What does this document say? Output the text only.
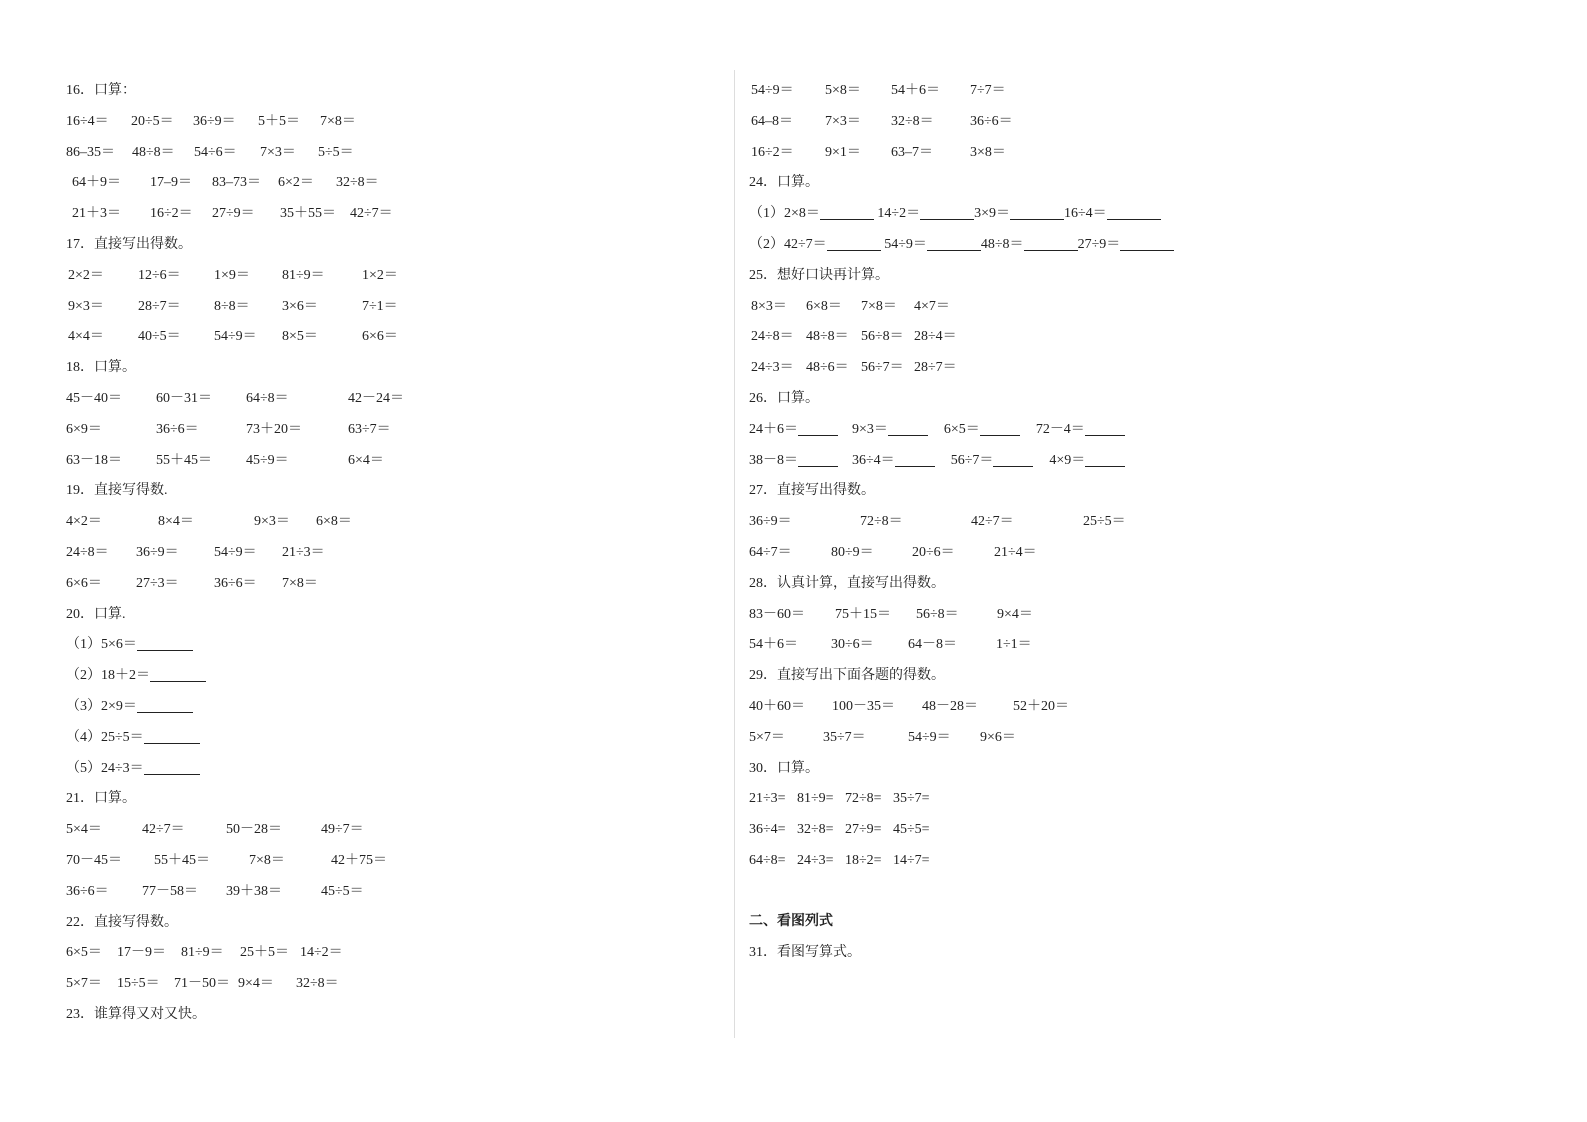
16．口算：
16÷4＝ 20÷5＝ 36÷9＝ 5＋5＝ 7×8＝
86–35＝ 48÷8＝ 54÷6＝ 7×3＝ 5÷5＝
64＋9＝ 17–9＝ 83–73＝ 6×2＝ 32÷8＝
21＋3＝ 16÷2＝ 27÷9＝ 35＋55＝ 42÷7＝
17．直接写出得数。
2×2＝ 12÷6＝ 1×9＝ 81÷9＝	1×2＝
9×3＝ 28÷7＝ 8÷8＝ 3×6＝	7÷1＝
4×4＝ 40÷5＝ 54÷9＝ 8×5＝	6×6＝
18．口算。
45－40＝ 60－31＝ 64÷8＝	42－24＝
6×9＝	36÷6＝	73＋20＝	63÷7＝
63－18＝ 55＋45＝ 45÷9＝	6×4＝
19．直接写得数.
4×2＝	8×4＝	9×3＝ 6×8＝
24÷8＝ 36÷9＝	54÷9＝ 21÷3＝
6×6＝ 27÷3＝	36÷6＝ 7×8＝
20．口算.
（1）5×6＝
（2）18＋2＝
（3）2×9＝
（4）25÷5＝
（5）24÷3＝
21．口算。
5×4＝	42÷7＝	50－28＝	49÷7＝
70－45＝ 55＋45＝	7×8＝	42＋75＝
36÷6＝ 77－58＝ 39＋38＝	45÷5＝
22．直接写得数。
6×5＝ 17－9＝ 81÷9＝ 25＋5＝ 14÷2＝
5×7＝ 15÷5＝ 71－50＝ 9×4＝ 32÷8＝
23．谁算得又对又快。
54÷9＝ 5×8＝ 54＋6＝ 7÷7＝
64–8＝ 7×3＝ 32÷8＝	36÷6＝
16÷2＝ 9×1＝ 63–7＝	3×8＝
24．口算。
（1）2×8＝	14÷2＝	3×9＝	16÷4＝
（2）42÷7＝	54÷9＝	48÷8＝	27÷9＝
25．想好口诀再计算。
8×3＝ 6×8＝ 7×8＝ 4×7＝
24÷8＝ 48÷8＝ 56÷8＝ 28÷4＝
24÷3＝ 48÷6＝ 56÷7＝ 28÷7＝
26．口算。
24＋6＝	9×3＝	6×5＝	72－4＝
38－8＝	36÷4＝	56÷7＝	4×9＝
27．直接写出得数。
36÷9＝	72÷8＝	42÷7＝	25÷5＝
64÷7＝	80÷9＝	20÷6＝	21÷4＝
28．认真计算，直接写出得数。
83－60＝ 75＋15＝ 56÷8＝	9×4＝
54＋6＝ 30÷6＝ 64－8＝	1÷1＝
29．直接写出下面各题的得数。
40＋60＝ 100－35＝ 48－28＝	52＋20＝
5×7＝	35÷7＝	54÷9＝ 9×6＝
30．口算。
21÷3= 81÷9= 72÷8= 35÷7=
36÷4= 32÷8= 27÷9= 45÷5=
64÷8= 24÷3= 18÷2= 14÷7=
二、看图列式
31．看图写算式。
